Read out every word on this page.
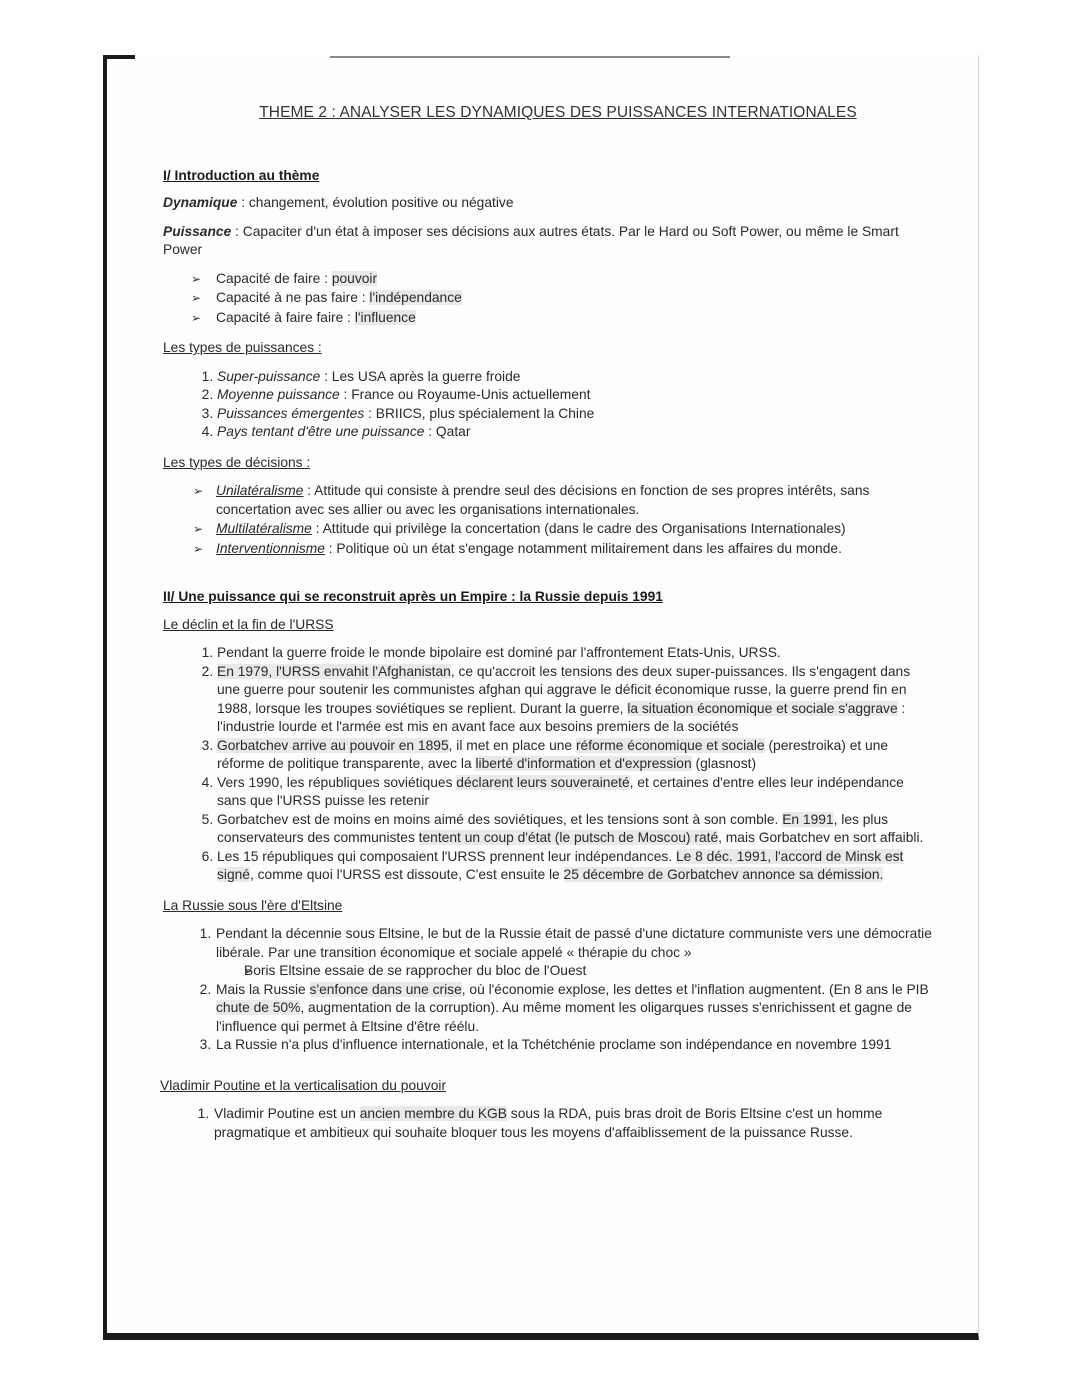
THEME 2 : ANALYSER LES DYNAMIQUES DES PUISSANCES INTERNATIONALES
I/ Introduction au thème

Dynamique : changement, évolution positive ou négative

Puissance : Capaciter d'un état à imposer ses décisions aux autres états. Par le Hard ou Soft Power, ou même le Smart Power

➢ Capacité de faire : pouvoir
➢ Capacité à ne pas faire : l'indépendance
➢ Capacité à faire faire : l'influence
Les types de puissances :
1. Super-puissance : Les USA après la guerre froide
2. Moyenne puissance : France ou Royaume-Unis actuellement
3. Puissances émergentes : BRIICS, plus spécialement la Chine
4. Pays tentant d'être une puissance : Qatar
Les types de décisions :
➢ Unilatéralisme : Attitude qui consiste à prendre seul des décisions en fonction de ses propres intérêts, sans concertation avec ses allier ou avec les organisations internationales.
➢ Multilatéralisme : Attitude qui privilège la concertation (dans le cadre des Organisations Internationales)
➢ Interventionnisme : Politique où un état s'engage notamment militairement dans les affaires du monde.
II/ Une puissance qui se reconstruit après un Empire : la Russie depuis 1991
Le déclin et la fin de l'URSS
1. Pendant la guerre froide le monde bipolaire est dominé par l'affrontement Etats-Unis, URSS.
2. En 1979, l'URSS envahit l'Afghanistan, ce qu'accroit les tensions des deux super-puissances. Ils s'engagent dans une guerre pour soutenir les communistes afghan qui aggrave le déficit économique russe, la guerre prend fin en 1988, lorsque les troupes soviétiques se replient. Durant la guerre, la situation économique et sociale s'aggrave : l'industrie lourde et l'armée est mis en avant face aux besoins premiers de la sociétés
3. Gorbatchev arrive au pouvoir en 1895, il met en place une réforme économique et sociale (perestroika) et une réforme de politique transparente, avec la liberté d'information et d'expression (glasnost)
4. Vers 1990, les républiques soviétiques déclarent leurs souveraineté, et certaines d'entre elles leur indépendance sans que l'URSS puisse les retenir
5. Gorbatchev est de moins en moins aimé des soviétiques, et les tensions sont à son comble. En 1991, les plus conservateurs des communistes tentent un coup d'état (le putsch de Moscou) raté, mais Gorbatchev en sort affaibli.
6. Les 15 républiques qui composaient l'URSS prennent leur indépendances. Le 8 déc. 1991, l'accord de Minsk est signé, comme quoi l'URSS est dissoute, C'est ensuite le 25 décembre de Gorbatchev annonce sa démission.
La Russie sous l'ère d'Eltsine
1. Pendant la décennie sous Eltsine, le but de la Russie était de passé d'une dictature communiste vers une démocratie libérale. Par une transition économique et sociale appelé « thérapie du choc »
➢ Boris Eltsine essaie de se rapprocher du bloc de l'Ouest
2. Mais la Russie s'enfonce dans une crise, où l'économie explose, les dettes et l'inflation augmentent. (En 8 ans le PIB chute de 50%, augmentation de la corruption). Au même moment les oligarques russes s'enrichissent et gagne de l'influence qui permet à Eltsine d'être réélu.
3. La Russie n'a plus d'influence internationale, et la Tchétchénie proclame son indépendance en novembre 1991
Vladimir Poutine et la verticalisation du pouvoir
1. Vladimir Poutine est un ancien membre du KGB sous la RDA, puis bras droit de Boris Eltsine c'est un homme pragmatique et ambitieux qui souhaite bloquer tous les moyens d'affaiblissement de la puissance Russe.
